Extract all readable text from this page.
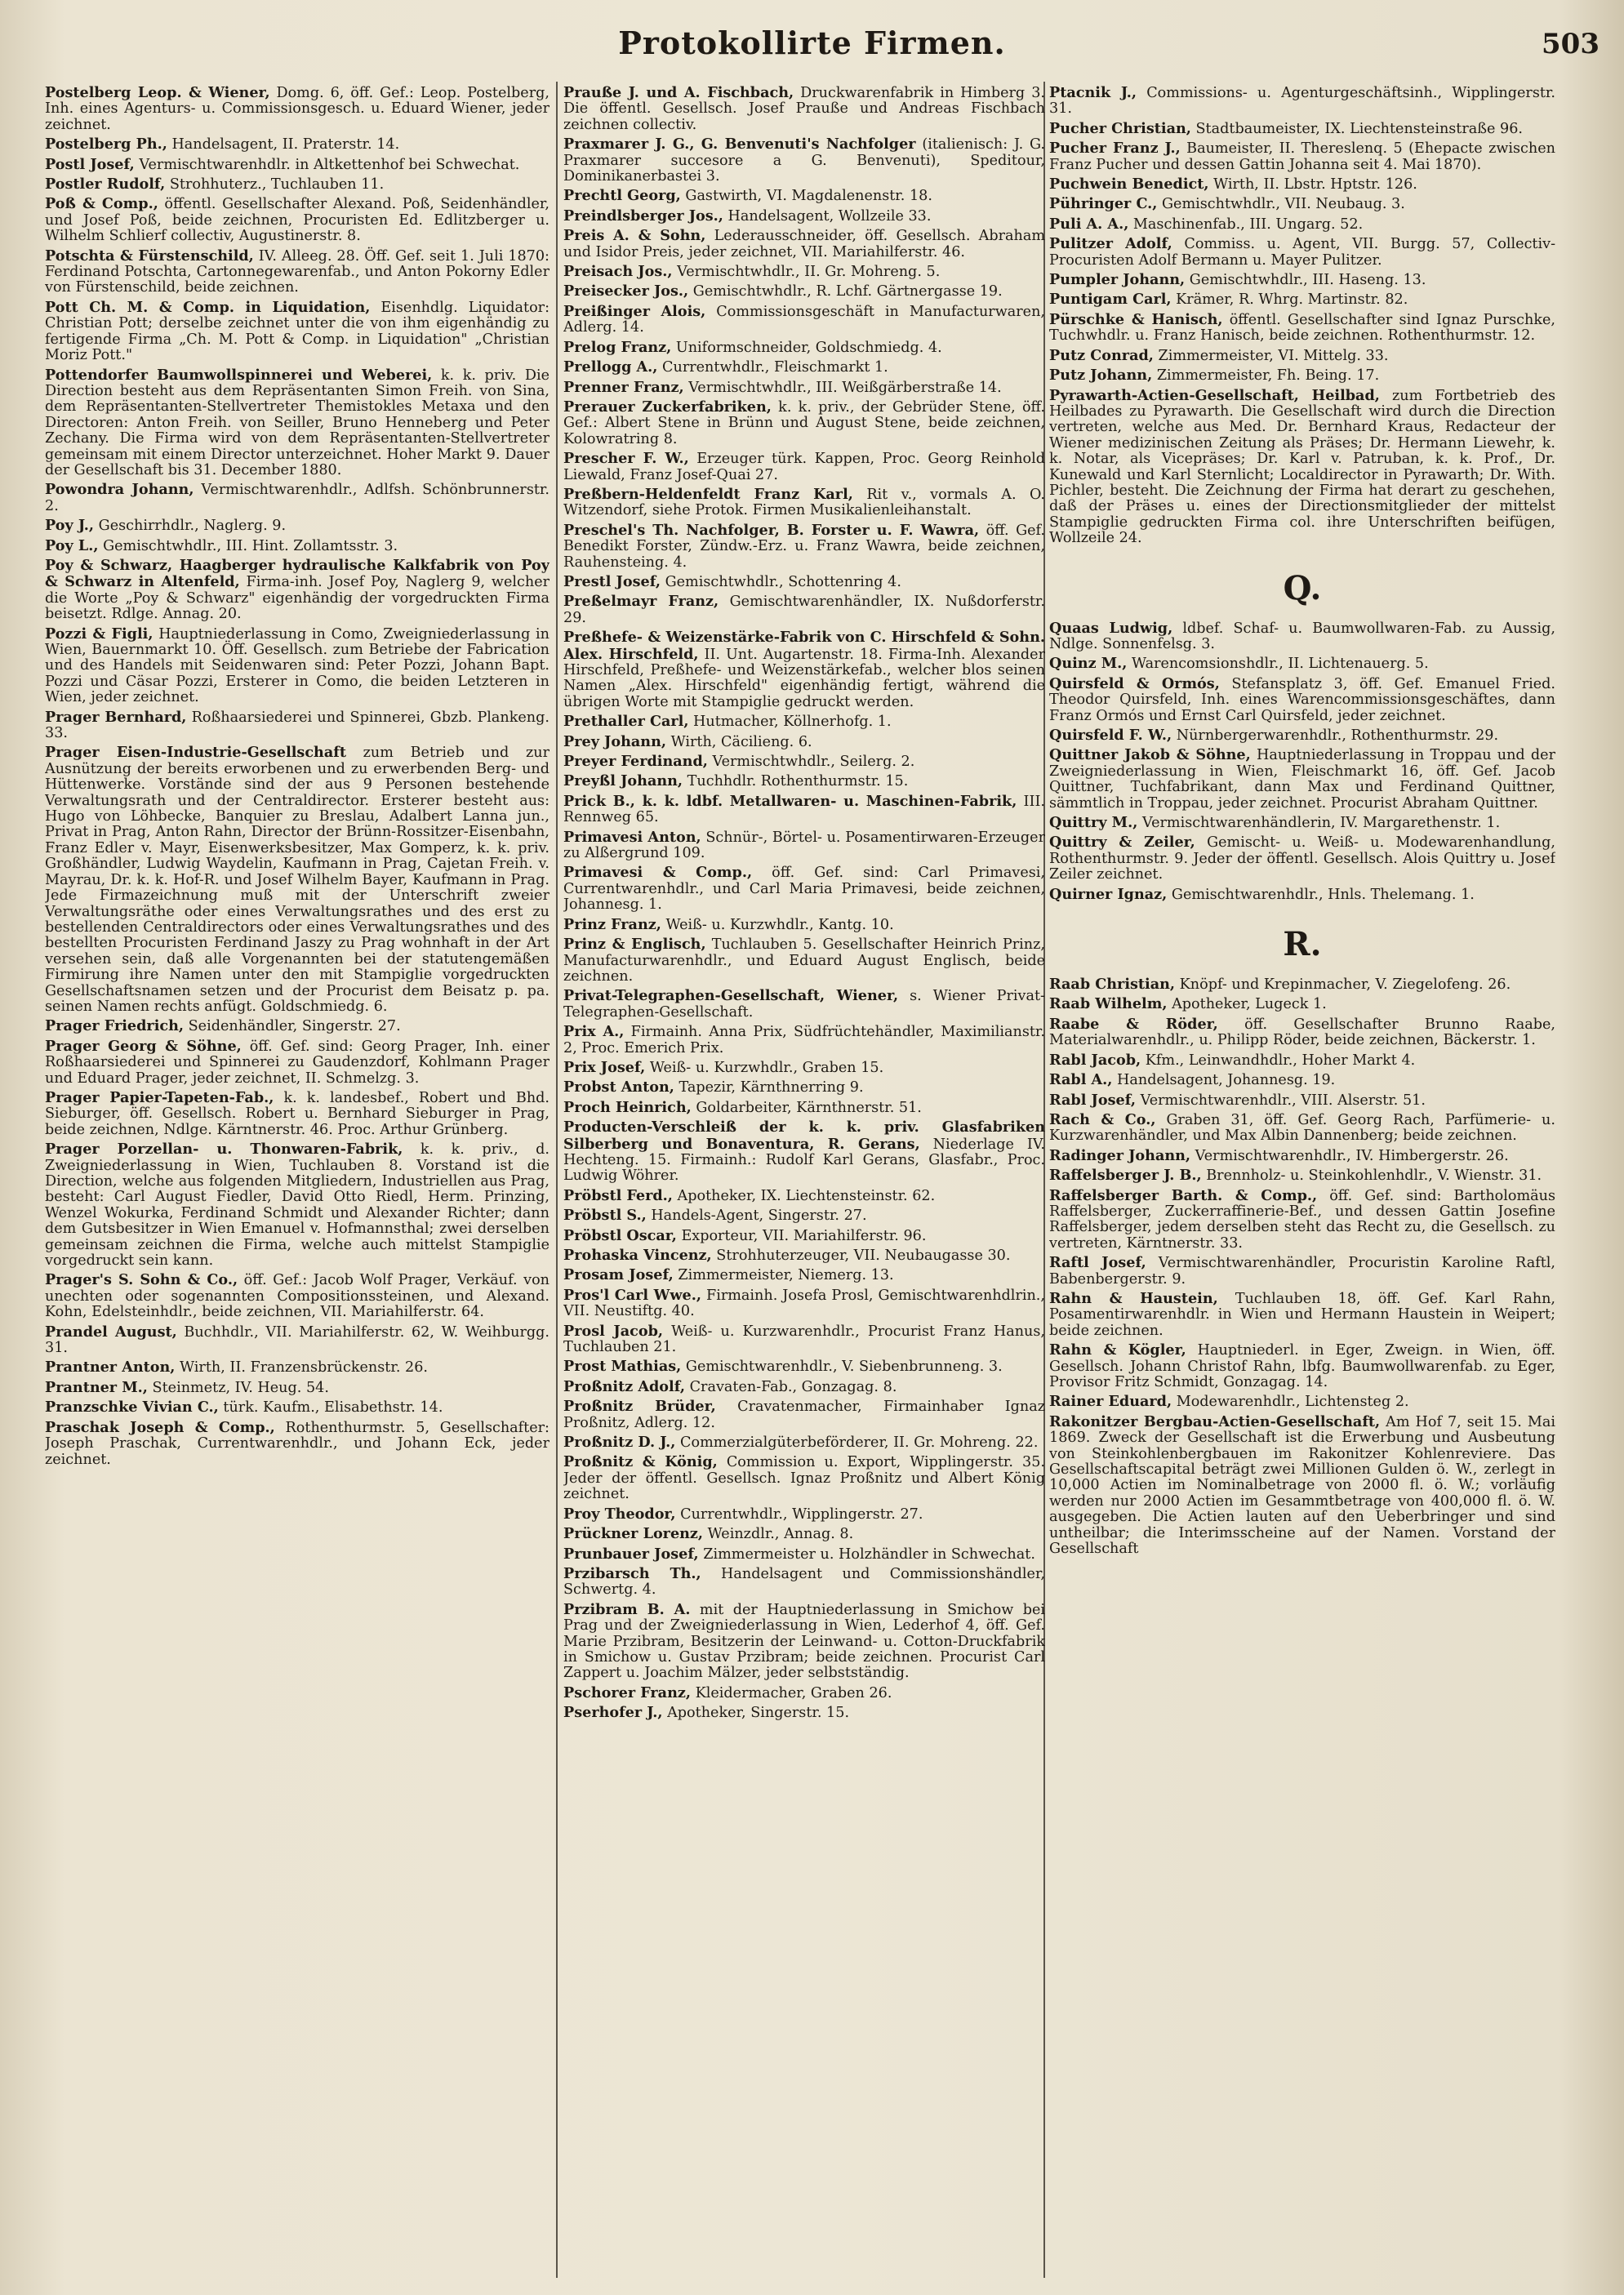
Protokollirte Firmen.	503

Postelberg Leop. & Wiener, Domg. 6, öff. Gef.: Leop. Postelberg, Inh. eines Agenturs- u. Commissionsgesch. u. Eduard Wiener, jeder zeichnet.

Postelberg Ph., Handelsagent, II. Praterstr. 14.

Postl Josef, Vermischtwarenhdlr. in Altkettenhof bei Schwechat.

Postler Rudolf, Strohhuterz., Tuchlauben 11.

Poß & Comp., öffentl. Gesellschafter Alexand. Poß, Seidenhändler, und Josef Poß, beide zeichnen, Procuristen Ed. Edlitzberger u. Wilhelm Schlierf collectiv, Augustinerstr. 8.

Potschta & Fürstenschild, IV. Alleeg. 28. Öff. Gef. seit 1. Juli 1870: Ferdinand Potschta, Cartonnegewarenfab., und Anton Pokorny Edler von Fürstenschild, beide zeichnen.

Pott Ch. M. & Comp. in Liquidation, Eisenhdlg. Liquidator: Christian Pott; derselbe zeichnet unter die von ihm eigenhändig zu fertigende Firma „Ch. M. Pott & Comp. in Liquidation" „Christian Moriz Pott."

Pottendorfer Baumwollspinnerei und Weberei, k. k. priv. Die Direction besteht aus dem Repräsentanten Simon Freih. von Sina, dem Repräsentanten-Stellvertreter Themistokles Metaxa und den Directoren: Anton Freih. von Seiller, Bruno Henneberg und Peter Zechany. Die Firma wird von dem Repräsentanten-Stellvertreter gemeinsam mit einem Director unterzeichnet. Hoher Markt 9. Dauer der Gesellschaft bis 31. December 1880.

Powondra Johann, Vermischtwarenhdlr., Adlfsh. Schönbrunnerstr. 2.

Poy J., Geschirrhdlr., Naglerg. 9.

Poy L., Gemischtwhdlr., III. Hint. Zollamtsstr. 3.

Poy & Schwarz, Haagberger hydraulische Kalkfabrik von Poy & Schwarz in Altenfeld, Firma-inh. Josef Poy, Naglerg 9, welcher die Worte „Poy & Schwarz" eigenhändig der vorgedruckten Firma beisetzt. Rdlge. Annag. 20.

Pozzi & Figli, Hauptniederlassung in Como, Zweigniederlassung in Wien, Bauernmarkt 10. Öff. Gesellsch. zum Betriebe der Fabrication und des Handels mit Seidenwaren sind: Peter Pozzi, Johann Bapt. Pozzi und Cäsar Pozzi, Ersterer in Como, die beiden Letzteren in Wien, jeder zeichnet.

Prager Bernhard, Roßhaarsiederei und Spinnerei, Gbzb. Plankeng. 33.

Prager Eisen-Industrie-Gesellschaft zum Betrieb und zur Ausnützung der bereits erworbenen und zu erwerbenden Berg- und Hüttenwerke. Vorstände sind der aus 9 Personen bestehende Verwaltungsrath und der Centraldirector. Ersterer besteht aus: Hugo von Löhbecke, Banquier zu Breslau, Adalbert Lanna jun., Privat in Prag, Anton Rahn, Director der Brünn-Rossitzer-Eisenbahn, Franz Edler v. Mayr, Eisenwerksbesitzer, Max Gomperz, k. k. priv. Großhändler, Ludwig Waydelin, Kaufmann in Prag, Cajetan Freih. v. Mayrau, Dr. k. k. Hof-R. und Josef Wilhelm Bayer, Kaufmann in Prag. Jede Firmazeichnung muß mit der Unterschrift zweier Verwaltungsräthe oder eines Verwaltungsrathes und des erst zu bestellenden Centraldirectors oder eines Verwaltungsrathes und des bestellten Procuristen Ferdinand Jaszy zu Prag wohnhaft in der Art versehen sein, daß alle Vorgenannten bei der statutengemäßen Firmirung ihre Namen unter den mit Stampiglie vorgedruckten Gesellschaftsnamen setzen und der Procurist dem Beisatz p. pa. seinen Namen rechts anfügt. Goldschmiedg. 6.

Prager Friedrich, Seidenhändler, Singerstr. 27.

Prager Georg & Söhne, öff. Gef. sind: Georg Prager, Inh. einer Roßhaarsiederei und Spinnerei zu Gaudenzdorf, Kohlmann Prager und Eduard Prager, jeder zeichnet, II. Schmelzg. 3.

Prager Papier-Tapeten-Fab., k. k. landesbef., Robert und Bhd. Sieburger, öff. Gesellsch. Robert u. Bernhard Sieburger in Prag, beide zeichnen, Ndlge. Kärntnerstr. 46. Proc. Arthur Grünberg.

Prager Porzellan- u. Thonwaren-Fabrik, k. k. priv., d. Zweigniederlassung in Wien, Tuchlauben 8. Vorstand ist die Direction, welche aus folgenden Mitgliedern, Industriellen aus Prag, besteht: Carl August Fiedler, David Otto Riedl, Herm. Prinzing, Wenzel Wokurka, Ferdinand Schmidt und Alexander Richter; dann dem Gutsbesitzer in Wien Emanuel v. Hofmannsthal; zwei derselben gemeinsam zeichnen die Firma, welche auch mittelst Stampiglie vorgedruckt sein kann.

Prager's S. Sohn & Co., öff. Gef.: Jacob Wolf Prager, Verkäuf. von unechten oder sogenannten Compositionssteinen, und Alexand. Kohn, Edelsteinhdlr., beide zeichnen, VII. Mariahilferstr. 64.

Prandel August, Buchhdlr., VII. Mariahilferstr. 62, W. Weihburgg. 31.

Prantner Anton, Wirth, II. Franzensbrückenstr. 26.

Prantner M., Steinmetz, IV. Heug. 54.

Pranzschke Vivian C., türk. Kaufm., Elisabethstr. 14.

Praschak Joseph & Comp., Rothenthurmstr. 5, Gesellschafter: Joseph Praschak, Currentwarenhdlr., und Johann Eck, jeder zeichnet.

Prauße J. und A. Fischbach, Druckwarenfabrik in Himberg 3. Die öffentl. Gesellsch. Josef Prauße und Andreas Fischbach zeichnen collectiv.

Praxmarer J. G., G. Benvenuti's Nachfolger (italienisch: J. G. Praxmarer succesore a G. Benvenuti), Speditour, Dominikanerbastei 3.

Prechtl Georg, Gastwirth, VI. Magdalenenstr. 18.

Preindlsberger Jos., Handelsagent, Wollzeile 33.

Preis A. & Sohn, Lederausschneider, öff. Gesellsch. Abraham und Isidor Preis, jeder zeichnet, VII. Mariahilferstr. 46.

Preisach Jos., Vermischtwhdlr., II. Gr. Mohreng. 5.

Preisecker Jos., Gemischtwhdlr., R. Lchf. Gärtnergasse 19.

Preißinger Alois, Commissionsgeschäft in Manufacturwaren, Adlerg. 14.

Prelog Franz, Uniformschneider, Goldschmiedg. 4.

Prellogg A., Currentwhdlr., Fleischmarkt 1.

Prenner Franz, Vermischtwhdlr., III. Weißgärberstraße 14.

Prerauer Zuckerfabriken, k. k. priv., der Gebrüder Stene, öff. Gef.: Albert Stene in Brünn und August Stene, beide zeichnen, Kolowratring 8.

Prescher F. W., Erzeuger türk. Kappen, Proc. Georg Reinhold Liewald, Franz Josef-Quai 27.

Preßbern-Heldenfeldt Franz Karl, Rit v., vormals A. O. Witzendorf, siehe Protok. Firmen Musikalienleihanstalt.

Preschel's Th. Nachfolger, B. Forster u. F. Wawra, öff. Gef. Benedikt Forster, Zündw.-Erz. u. Franz Wawra, beide zeichnen, Rauhensteing. 4.

Prestl Josef, Gemischtwhdlr., Schottenring 4.

Preßelmayr Franz, Gemischtwarenhändler, IX. Nußdorferstr. 29.

Preßhefe- & Weizenstärke-Fabrik von C. Hirschfeld & Sohn. Alex. Hirschfeld, II. Unt. Augartenstr. 18. Firma-Inh. Alexander Hirschfeld, Preßhefe- und Weizenstärkefab., welcher blos seinen Namen „Alex. Hirschfeld" eigenhändig fertigt, während die übrigen Worte mit Stampiglie gedruckt werden.

Prethaller Carl, Hutmacher, Köllnerhofg. 1.

Prey Johann, Wirth, Cäcilieng. 6.

Preyer Ferdinand, Vermischtwhdlr., Seilerg. 2.

Preyßl Johann, Tuchhdlr. Rothenthurmstr. 15.

Prick B., k. k. ldbf. Metallwaren- u. Maschinen-Fabrik, III. Rennweg 65.

Primavesi Anton, Schnür-, Börtel- u. Posamentirwaren-Erzeuger zu Alßergrund 109.

Primavesi & Comp., öff. Gef. sind: Carl Primavesi, Currentwarenhdlr., und Carl Maria Primavesi, beide zeichnen, Johannesg. 1.

Prinz Franz, Weiß- u. Kurzwhdlr., Kantg. 10.

Prinz & Englisch, Tuchlauben 5. Gesellschafter Heinrich Prinz, Manufacturwarenhdlr., und Eduard August Englisch, beide zeichnen.

Privat-Telegraphen-Gesellschaft, Wiener, s. Wiener Privat-Telegraphen-Gesellschaft.

Prix A., Firmainh. Anna Prix, Südfrüchtehändler, Maximilianstr. 2, Proc. Emerich Prix.

Prix Josef, Weiß- u. Kurzwhdlr., Graben 15.

Probst Anton, Tapezir, Kärnthnerring 9.

Proch Heinrich, Goldarbeiter, Kärnthnerstr. 51.

Producten-Verschleiß der k. k. priv. Glasfabriken Silberberg und Bonaventura, R. Gerans, Niederlage IV. Hechteng. 15. Firmainh.: Rudolf Karl Gerans, Glasfabr., Proc. Ludwig Wöhrer.

Pröbstl Ferd., Apotheker, IX. Liechtensteinstr. 62.

Pröbstl S., Handels-Agent, Singerstr. 27.

Pröbstl Oscar, Exporteur, VII. Mariahilferstr. 96.

Prohaska Vincenz, Strohhuterzeuger, VII. Neubaugasse 30.

Prosam Josef, Zimmermeister, Niemerg. 13.

Pros'l Carl Wwe., Firmainh. Josefa Prosl, Gemischtwarenhdlrin., VII. Neustiftg. 40.

Prosl Jacob, Weiß- u. Kurzwarenhdlr., Procurist Franz Hanus, Tuchlauben 21.

Prost Mathias, Gemischtwarenhdlr., V. Siebenbrunneng. 3.

Proßnitz Adolf, Cravaten-Fab., Gonzagag. 8.

Proßnitz Brüder, Cravatenmacher, Firmainhaber Ignaz Proßnitz, Adlerg. 12.

Proßnitz D. J., Commerzialgüterbeförderer, II. Gr. Mohreng. 22.

Proßnitz & König, Commission u. Export, Wipplingerstr. 35. Jeder der öffentl. Gesellsch. Ignaz Proßnitz und Albert König zeichnet.

Proy Theodor, Currentwhdlr., Wipplingerstr. 27.

Prückner Lorenz, Weinzdlr., Annag. 8.

Prunbauer Josef, Zimmermeister u. Holzhändler in Schwechat.

Przibarsch Th., Handelsagent und Commissionshändler, Schwertg. 4.

Przibram B. A. mit der Hauptniederlassung in Smichow bei Prag und der Zweigniederlassung in Wien, Lederhof 4, öff. Gef. Marie Przibram, Besitzerin der Leinwand- u. Cotton-Druckfabrik in Smichow u. Gustav Przibram; beide zeichnen. Procurist Carl Zappert u. Joachim Mälzer, jeder selbstständig.

Pschorer Franz, Kleidermacher, Graben 26.

Pserhofer J., Apotheker, Singerstr. 15.

Ptacnik J., Commissions- u. Agenturgeschäftsinh., Wipplingerstr. 31.

Pucher Christian, Stadtbaumeister, IX. Liechtensteinstraße 96.

Pucher Franz J., Baumeister, II. Thereslenq. 5 (Ehepacte zwischen Franz Pucher und dessen Gattin Johanna seit 4. Mai 1870).

Puchwein Benedict, Wirth, II. Lbstr. Hptstr. 126.

Pühringer C., Gemischtwhdlr., VII. Neubaug. 3.

Puli A. A., Maschinenfab., III. Ungarg. 52.

Pulitzer Adolf, Commiss. u. Agent, VII. Burgg. 57, Collectiv-Procuristen Adolf Bermann u. Mayer Pulitzer.

Pumpler Johann, Gemischtwhdlr., III. Haseng. 13.

Puntigam Carl, Krämer, R. Whrg. Martinstr. 82.

Pürschke & Hanisch, öffentl. Gesellschafter sind Ignaz Purschke, Tuchwhdlr. u. Franz Hanisch, beide zeichnen. Rothenthurmstr. 12.

Putz Conrad, Zimmermeister, VI. Mittelg. 33.

Putz Johann, Zimmermeister, Fh. Being. 17.

Pyrawarth-Actien-Gesellschaft, Heilbad, zum Fortbetrieb des Heilbades zu Pyrawarth. Die Gesellschaft wird durch die Direction vertreten, welche aus Med. Dr. Bernhard Kraus, Redacteur der Wiener medizinischen Zeitung als Präses; Dr. Hermann Liewehr, k. k. Notar, als Vicepräses; Dr. Karl v. Patruban, k. k. Prof., Dr. Kunewald und Karl Sternlicht; Localdirector in Pyrawarth; Dr. With. Pichler, besteht. Die Zeichnung der Firma hat derart zu geschehen, daß der Präses u. eines der Directionsmitglieder der mittelst Stampiglie gedruckten Firma col. ihre Unterschriften beifügen, Wollzeile 24.

Q.

Quaas Ludwig, ldbef. Schaf- u. Baumwollwaren-Fab. zu Aussig, Ndlge. Sonnenfelsg. 3.

Quinz M., Warencomsionshdlr., II. Lichtenauerg. 5.

Quirsfeld & Ormós, Stefansplatz 3, öff. Gef. Emanuel Fried. Theodor Quirsfeld, Inh. eines Warencommissionsgeschäftes, dann Franz Ormós und Ernst Carl Quirsfeld, jeder zeichnet.

Quirsfeld F. W., Nürnbergerwarenhdlr., Rothenthurmstr. 29.

Quittner Jakob & Söhne, Hauptniederlassung in Troppau und der Zweigniederlassung in Wien, Fleischmarkt 16, öff. Gef. Jacob Quittner, Tuchfabrikant, dann Max und Ferdinand Quittner, sämmtlich in Troppau, jeder zeichnet. Procurist Abraham Quittner.

Quittry M., Vermischtwarenhändlerin, IV. Margarethenstr. 1.

Quittry & Zeiler, Gemischt- u. Weiß- u. Modewarenhandlung, Rothenthurmstr. 9. Jeder der öffentl. Gesellsch. Alois Quittry u. Josef Zeiler zeichnet.

Quirner Ignaz, Gemischtwarenhdlr., Hnls. Thelemang. 1.

R.

Raab Christian, Knöpf- und Krepinmacher, V. Ziegelofeng. 26.

Raab Wilhelm, Apotheker, Lugeck 1.

Raabe & Röder, öff. Gesellschafter Brunno Raabe, Materialwarenhdlr., u. Philipp Röder, beide zeichnen, Bäckerstr. 1.

Rabl Jacob, Kfm., Leinwandhdlr., Hoher Markt 4.

Rabl A., Handelsagent, Johannesg. 19.

Rabl Josef, Vermischtwarenhdlr., VIII. Alserstr. 51.

Rach & Co., Graben 31, öff. Gef. Georg Rach, Parfümerie- u. Kurzwarenhändler, und Max Albin Dannenberg; beide zeichnen.

Radinger Johann, Vermischtwarenhdlr., IV. Himbergerstr. 26.

Raffelsberger J. B., Brennholz- u. Steinkohlenhdlr., V. Wienstr. 31.

Raffelsberger Barth. & Comp., öff. Gef. sind: Bartholomäus Raffelsberger, Zuckerraffinerie-Bef., und dessen Gattin Josefine Raffelsberger, jedem derselben steht das Recht zu, die Gesellsch. zu vertreten, Kärntnerstr. 33.

Raftl Josef, Vermischtwarenhändler, Procuristin Karoline Raftl, Babenbergerstr. 9.

Rahn & Haustein, Tuchlauben 18, öff. Gef. Karl Rahn, Posamentirwarenhdlr. in Wien und Hermann Haustein in Weipert; beide zeichnen.

Rahn & Kögler, Hauptniederl. in Eger, Zweign. in Wien, öff. Gesellsch. Johann Christof Rahn, lbfg. Baumwollwarenfab. zu Eger, Provisor Fritz Schmidt, Gonzagag. 14.

Rainer Eduard, Modewarenhdlr., Lichtensteg 2.

Rakonitzer Bergbau-Actien-Gesellschaft, Am Hof 7, seit 15. Mai 1869. Zweck der Gesellschaft ist die Erwerbung und Ausbeutung von Steinkohlenbergbauen im Rakonitzer Kohlenreviere. Das Gesellschaftscapital beträgt zwei Millionen Gulden ö. W., zerlegt in 10,000 Actien im Nominalbetrage von 2000 fl. ö. W.; vorläufig werden nur 2000 Actien im Gesammtbetrage von 400,000 fl. ö. W. ausgegeben. Die Actien lauten auf den Ueberbringer und sind untheilbar; die Interimsscheine auf der Namen. Vorstand der Gesellschaft
